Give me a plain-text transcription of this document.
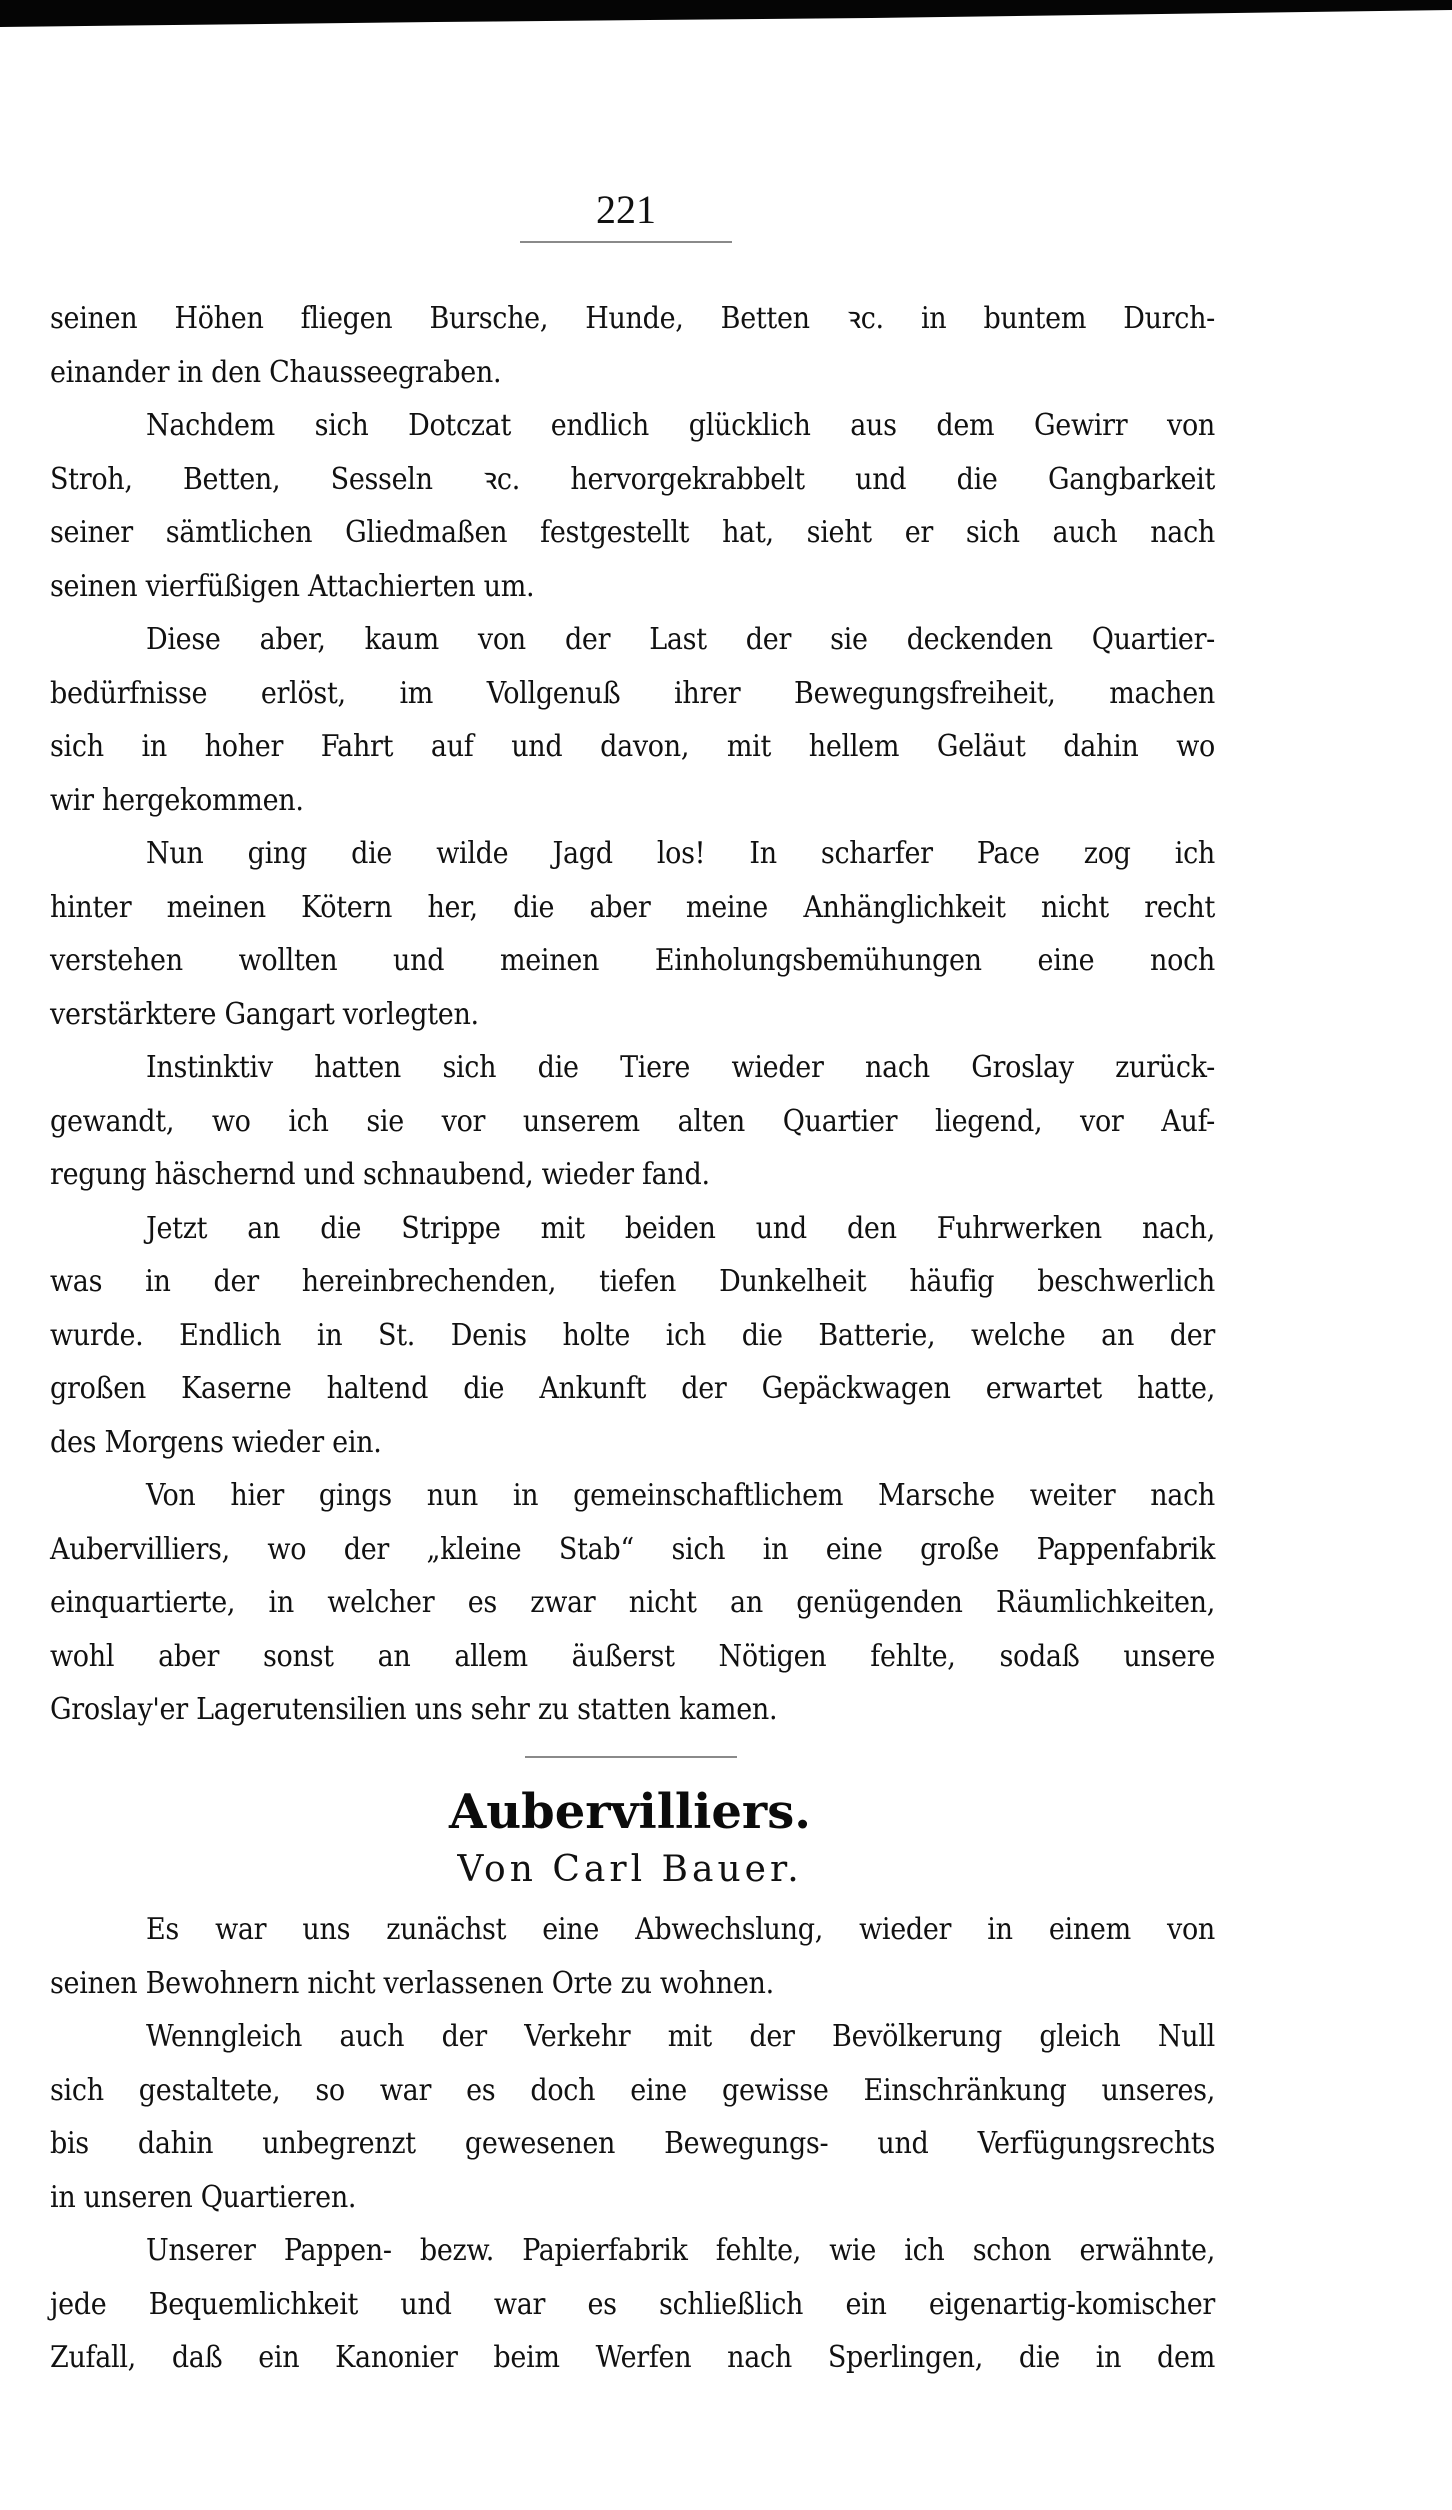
221
seinen Höhen fliegen Bursche, Hunde, Betten ꝛc. in buntem Durch-
einander in den Chausseegraben.
Nachdem sich Dotczat endlich glücklich aus dem Gewirr von
Stroh, Betten, Sesseln ꝛc. hervorgekrabbelt und die Gangbarkeit
seiner sämtlichen Gliedmaßen festgestellt hat, sieht er sich auch nach
seinen vierfüßigen Attachierten um.
Diese aber, kaum von der Last der sie deckenden Quartier-
bedürfnisse erlöst, im Vollgenuß ihrer Bewegungsfreiheit, machen
sich in hoher Fahrt auf und davon, mit hellem Geläut dahin wo
wir hergekommen.
Nun ging die wilde Jagd los! In scharfer Pace zog ich
hinter meinen Kötern her, die aber meine Anhänglichkeit nicht recht
verstehen wollten und meinen Einholungsbemühungen eine noch
verstärktere Gangart vorlegten.
Instinktiv hatten sich die Tiere wieder nach Groslay zurück-
gewandt, wo ich sie vor unserem alten Quartier liegend, vor Auf-
regung häschernd und schnaubend, wieder fand.
Jetzt an die Strippe mit beiden und den Fuhrwerken nach,
was in der hereinbrechenden, tiefen Dunkelheit häufig beschwerlich
wurde. Endlich in St. Denis holte ich die Batterie, welche an der
großen Kaserne haltend die Ankunft der Gepäckwagen erwartet hatte,
des Morgens wieder ein.
Von hier gings nun in gemeinschaftlichem Marsche weiter nach
Aubervilliers, wo der „kleine Stab“ sich in eine große Pappenfabrik
einquartierte, in welcher es zwar nicht an genügenden Räumlichkeiten,
wohl aber sonst an allem äußerst Nötigen fehlte, sodaß unsere
Groslay'er Lagerutensilien uns sehr zu statten kamen.
Aubervilliers.
Von Carl Bauer.
Es war uns zunächst eine Abwechslung, wieder in einem von
seinen Bewohnern nicht verlassenen Orte zu wohnen.
Wenngleich auch der Verkehr mit der Bevölkerung gleich Null
sich gestaltete, so war es doch eine gewisse Einschränkung unseres,
bis dahin unbegrenzt gewesenen Bewegungs- und Verfügungsrechts
in unseren Quartieren.
Unserer Pappen- bezw. Papierfabrik fehlte, wie ich schon erwähnte,
jede Bequemlichkeit und war es schließlich ein eigenartig-komischer
Zufall, daß ein Kanonier beim Werfen nach Sperlingen, die in dem
